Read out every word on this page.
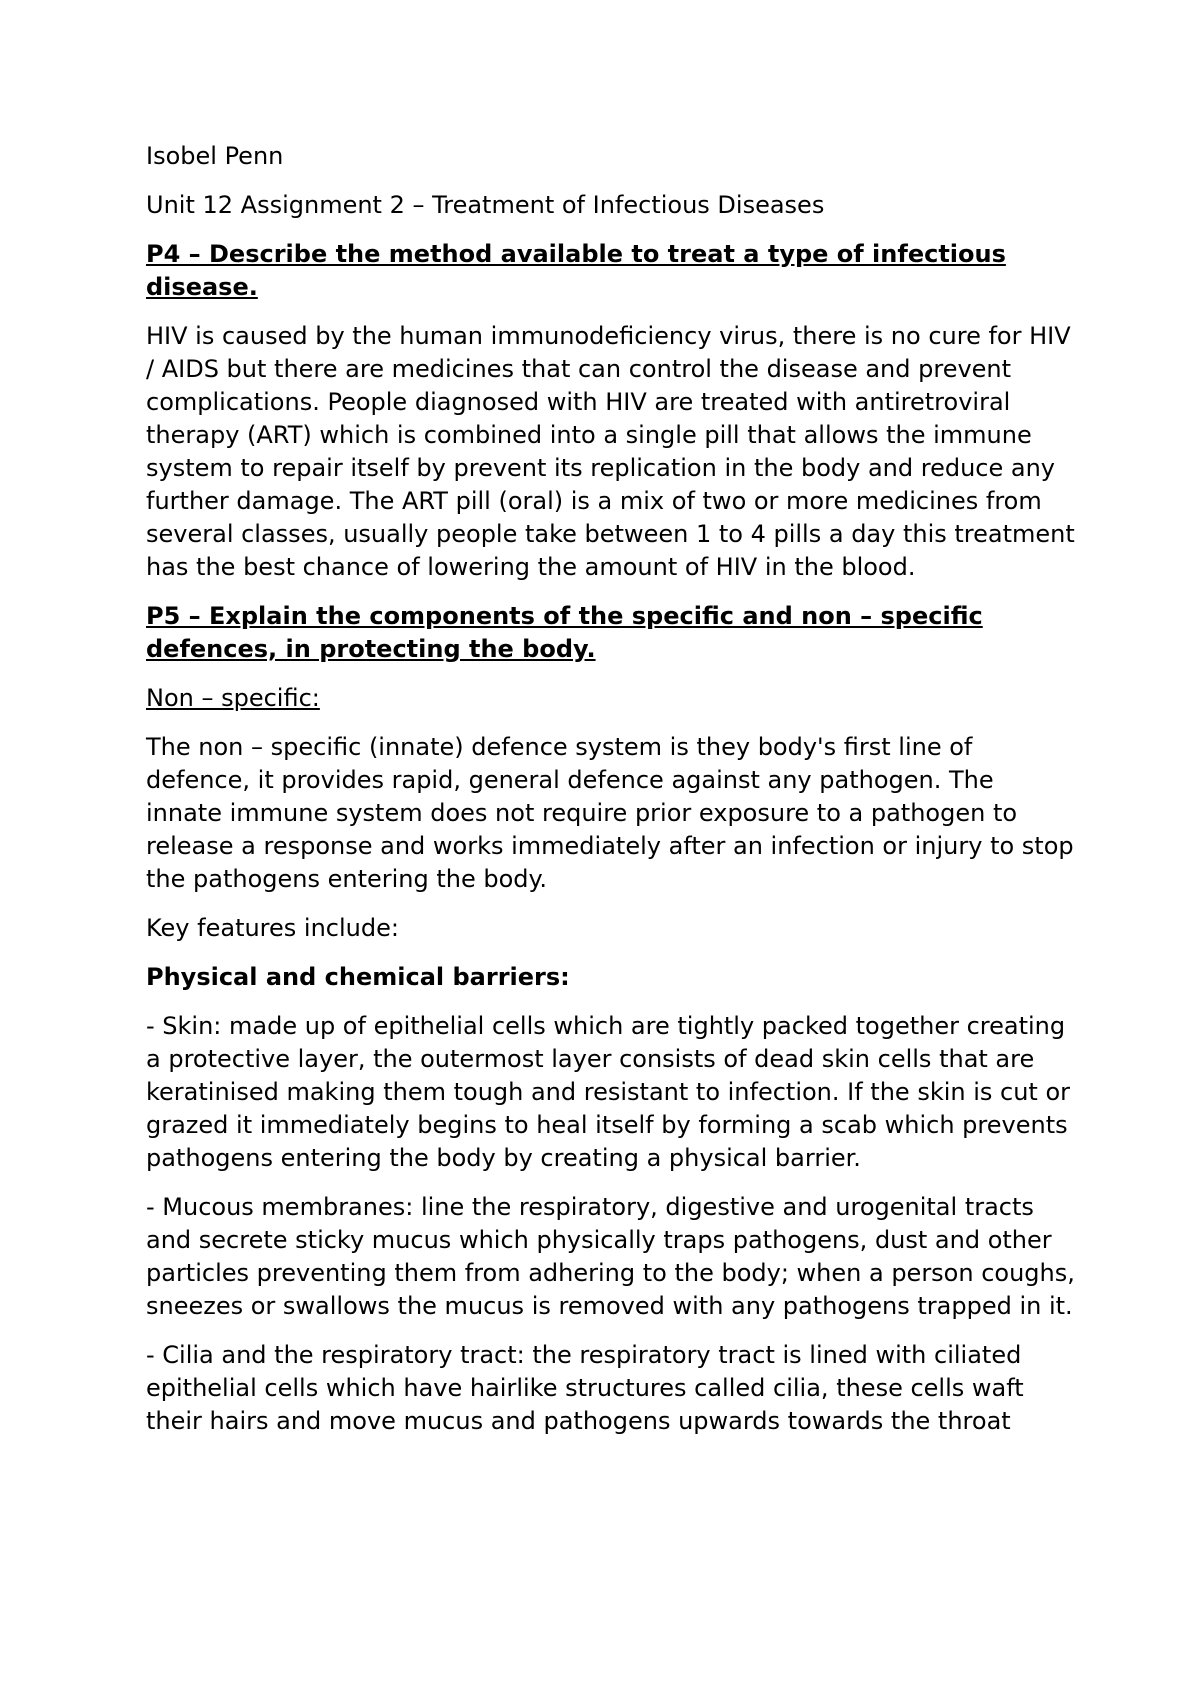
Isobel Penn

Unit 12 Assignment 2 – Treatment of Infectious Diseases

P4 – Describe the method available to treat a type of infectious disease.

HIV is caused by the human immunodeficiency virus, there is no cure for HIV / AIDS but there are medicines that can control the disease and prevent complications. People diagnosed with HIV are treated with antiretroviral therapy (ART) which is combined into a single pill that allows the immune system to repair itself by prevent its replication in the body and reduce any further damage. The ART pill (oral) is a mix of two or more medicines from several classes, usually people take between 1 to 4 pills a day this treatment has the best chance of lowering the amount of HIV in the blood.

P5 – Explain the components of the specific and non – specific defences, in protecting the body.

Non – specific:

The non – specific (innate) defence system is they body's first line of defence, it provides rapid, general defence against any pathogen. The innate immune system does not require prior exposure to a pathogen to release a response and works immediately after an infection or injury to stop the pathogens entering the body.

Key features include:

Physical and chemical barriers:

- Skin: made up of epithelial cells which are tightly packed together creating a protective layer, the outermost layer consists of dead skin cells that are keratinised making them tough and resistant to infection. If the skin is cut or grazed it immediately begins to heal itself by forming a scab which prevents pathogens entering the body by creating a physical barrier.

- Mucous membranes: line the respiratory, digestive and urogenital tracts and secrete sticky mucus which physically traps pathogens, dust and other particles preventing them from adhering to the body; when a person coughs, sneezes or swallows the mucus is removed with any pathogens trapped in it.

- Cilia and the respiratory tract: the respiratory tract is lined with ciliated epithelial cells which have hairlike structures called cilia, these cells waft their hairs and move mucus and pathogens upwards towards the throat
